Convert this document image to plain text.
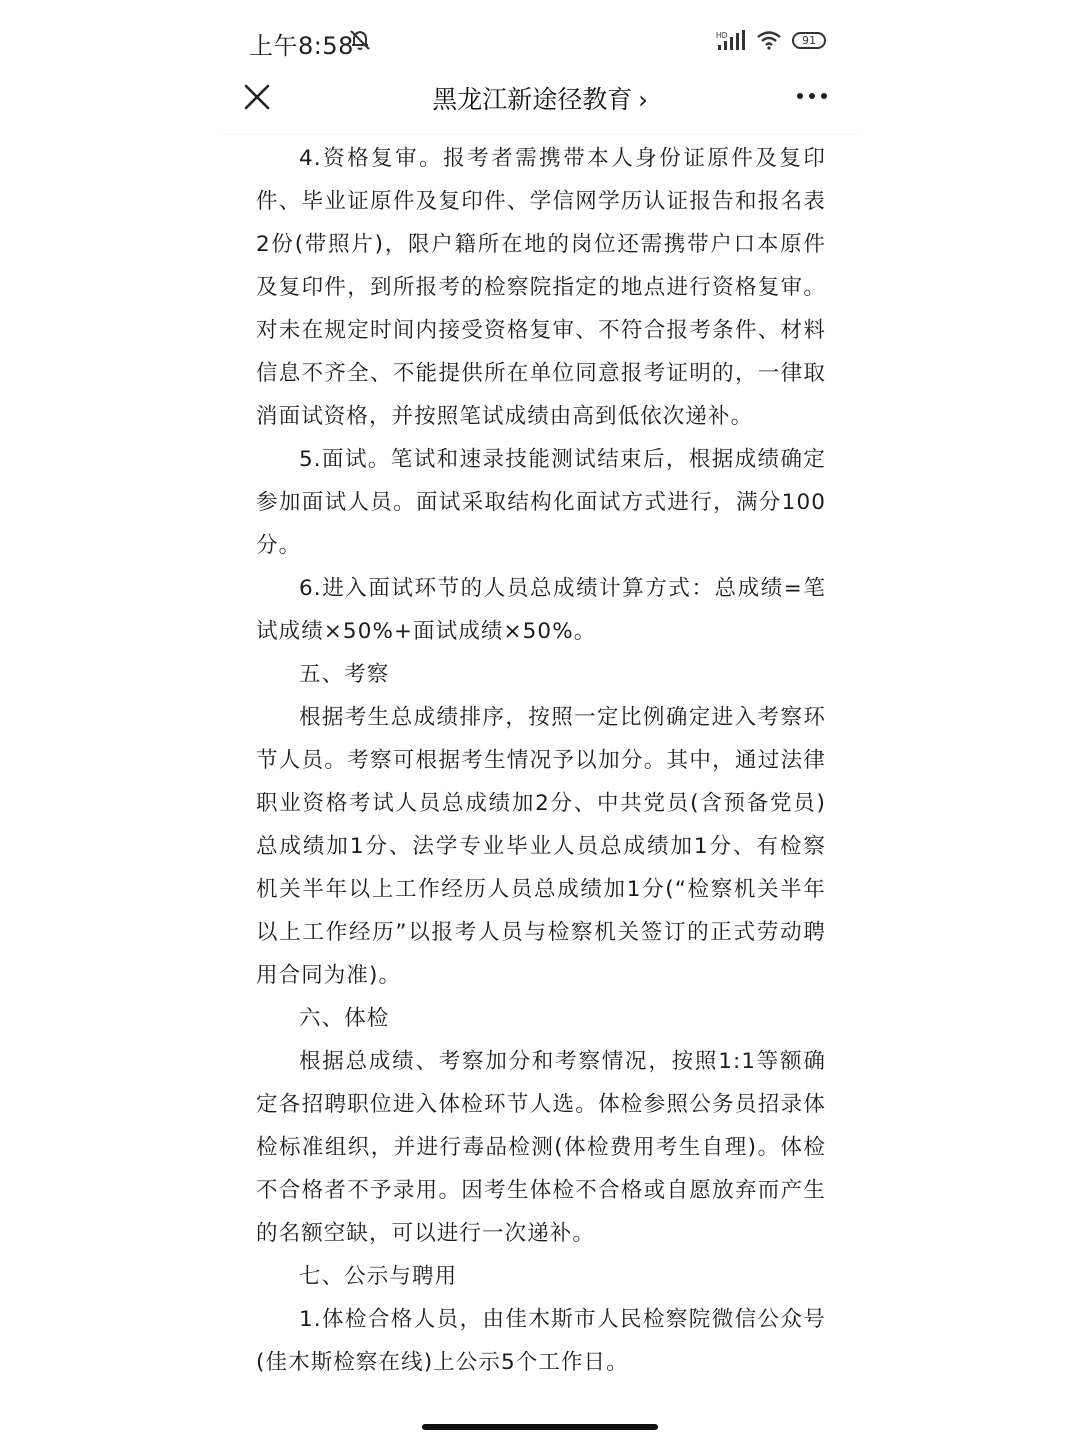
上午8:58	HD	91
黑龙江新途径教育 ›

4.资格复审。报考者需携带本人身份证原件及复印件、毕业证原件及复印件、学信网学历认证报告和报名表2份(带照片)，限户籍所在地的岗位还需携带户口本原件及复印件，到所报考的检察院指定的地点进行资格复审。对未在规定时间内接受资格复审、不符合报考条件、材料信息不齐全、不能提供所在单位同意报考证明的，一律取消面试资格，并按照笔试成绩由高到低依次递补。

5.面试。笔试和速录技能测试结束后，根据成绩确定参加面试人员。面试采取结构化面试方式进行，满分100分。

6.进入面试环节的人员总成绩计算方式：总成绩=笔试成绩×50%+面试成绩×50%。

五、考察

根据考生总成绩排序，按照一定比例确定进入考察环节人员。考察可根据考生情况予以加分。其中，通过法律职业资格考试人员总成绩加2分、中共党员(含预备党员)总成绩加1分、法学专业毕业人员总成绩加1分、有检察机关半年以上工作经历人员总成绩加1分(“检察机关半年以上工作经历”以报考人员与检察机关签订的正式劳动聘用合同为准)。

六、体检

根据总成绩、考察加分和考察情况，按照1:1等额确定各招聘职位进入体检环节人选。体检参照公务员招录体检标准组织，并进行毒品检测(体检费用考生自理)。体检不合格者不予录用。因考生体检不合格或自愿放弃而产生的名额空缺，可以进行一次递补。

七、公示与聘用

1.体检合格人员，由佳木斯市人民检察院微信公众号(佳木斯检察在线)上公示5个工作日。
